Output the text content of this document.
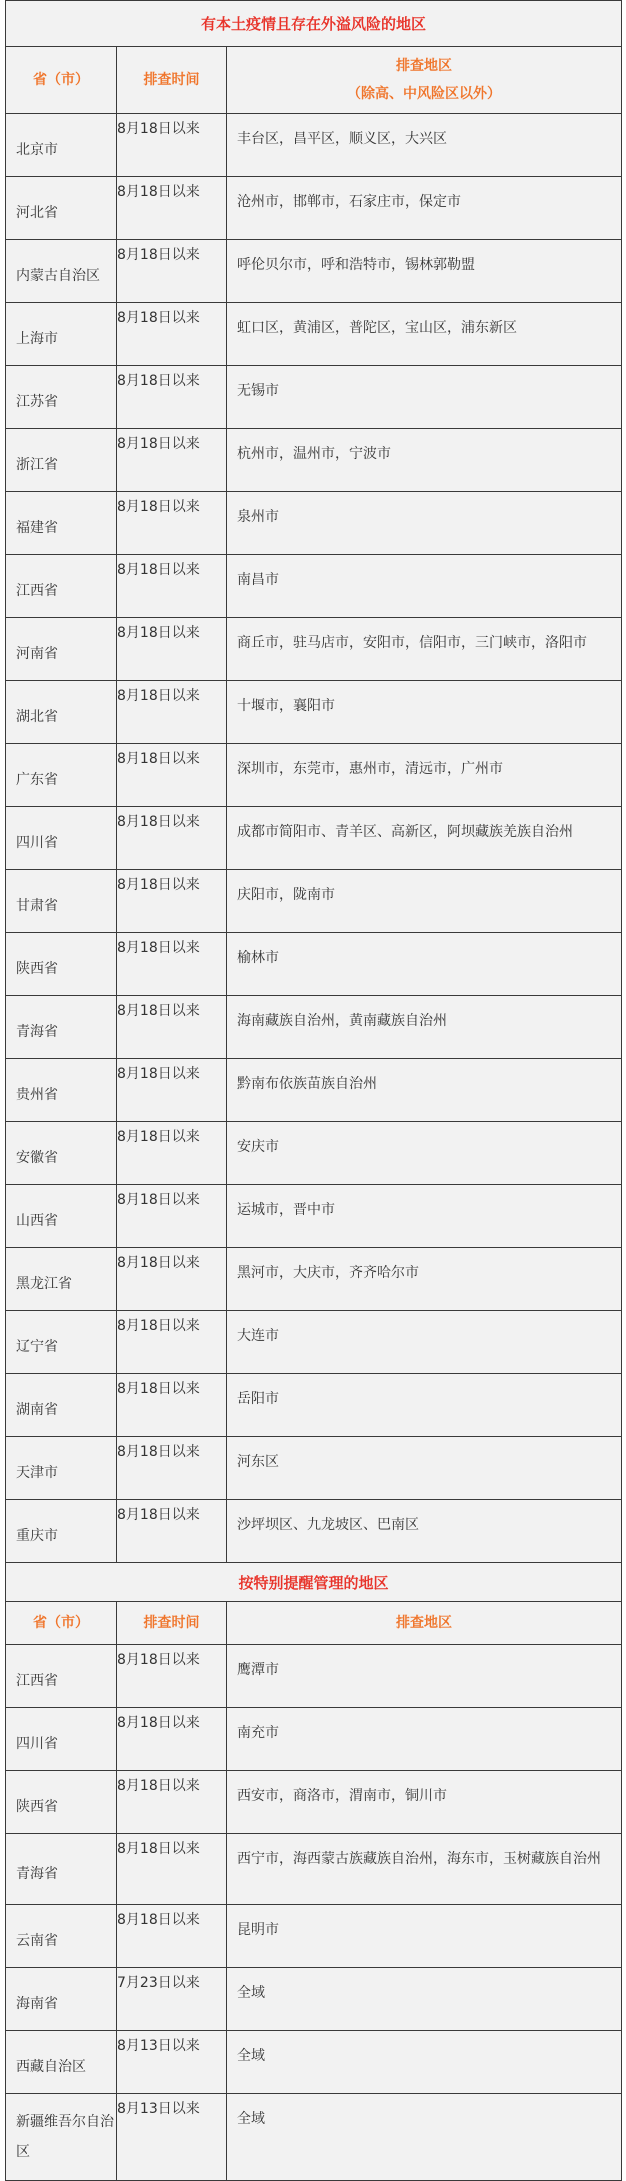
有本土疫情且存在外溢风险的地区		
省（市）	排查时间	排查地区
（除高、中风险区以外）

北京市	8月18日以来	丰台区，昌平区，顺义区，大兴区
河北省	8月18日以来	沧州市，邯郸市，石家庄市，保定市
内蒙古自治区	8月18日以来	呼伦贝尔市，呼和浩特市，锡林郭勒盟
上海市	8月18日以来	虹口区，黄浦区，普陀区，宝山区，浦东新区
江苏省	8月18日以来	无锡市
浙江省	8月18日以来	杭州市，温州市，宁波市
福建省	8月18日以来	泉州市
江西省	8月18日以来	南昌市
河南省	8月18日以来	商丘市，驻马店市，安阳市，信阳市，三门峡市，洛阳市
湖北省	8月18日以来	十堰市，襄阳市
广东省	8月18日以来	深圳市，东莞市，惠州市，清远市，广州市
四川省	8月18日以来	成都市简阳市、青羊区、高新区，阿坝藏族羌族自治州
甘肃省	8月18日以来	庆阳市，陇南市
陕西省	8月18日以来	榆林市
青海省	8月18日以来	海南藏族自治州，黄南藏族自治州
贵州省	8月18日以来	黔南布依族苗族自治州
安徽省	8月18日以来	安庆市
山西省	8月18日以来	运城市，晋中市
黑龙江省	8月18日以来	黑河市，大庆市，齐齐哈尔市
辽宁省	8月18日以来	大连市
湖南省	8月18日以来	岳阳市
天津市	8月18日以来	河东区
重庆市	8月18日以来	沙坪坝区、九龙坡区、巴南区
按特别提醒管理的地区		
省（市）	排查时间	排查地区
江西省	8月18日以来	鹰潭市
四川省	8月18日以来	南充市
陕西省	8月18日以来	西安市，商洛市，渭南市，铜川市
青海省	8月18日以来	西宁市，海西蒙古族藏族自治州，海东市，玉树藏族自治州
云南省	8月18日以来	昆明市
海南省	7月23日以来	全域
西藏自治区	8月13日以来	全域
新疆维吾尔自治区	8月13日以来	全域
